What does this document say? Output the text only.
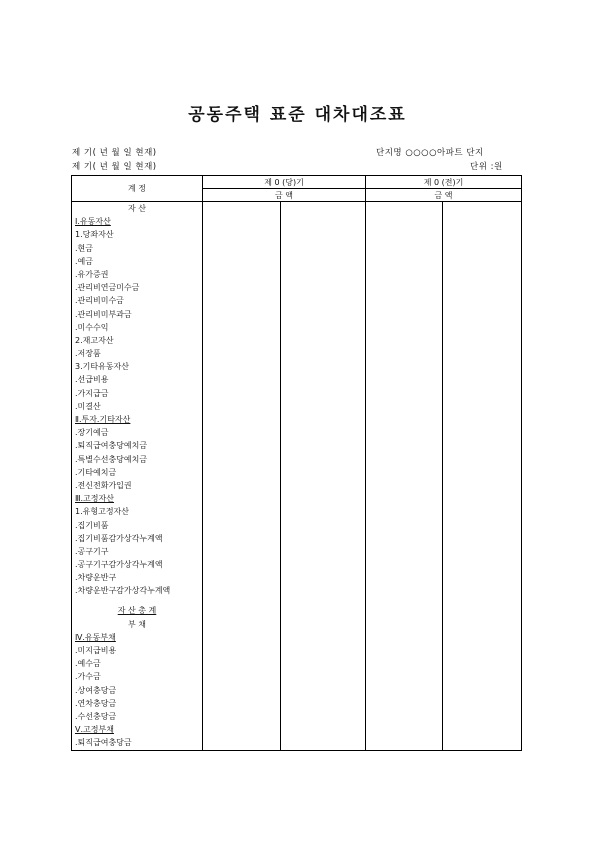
공동주택 표준 대차대조표
제 기( 년 월 일 현재)
제 기( 년 월 일 현재)
단지명 ○○○○아파트 단지
단위 :원
계 정	제 0 (당)기		제 0 (전)기	
	금 액		금 액	
자 산				
Ⅰ.유동자산				
1.당좌자산				
.현금				
.예금				
.유가증권				
.관리비연금미수금				
.관리비미수금				
.관리비미부과금				
.미수수익				
2.재고자산				
.저장품				
3.기타유동자산				
.선급비용				
.가지급금				
.미결산				
Ⅱ.투자.기타자산				
.장기예금				
.퇴직급여충당예치금				
.특별수선충당예치금				
.기타예치금				
.전신전화가입권				
Ⅲ.고정자산				
1.유형고정자산				
.집기비품				
.집기비품감가상각누계액				
.공구기구				
.공구기구감가상각누계액				
.차량운반구				
.차량운반구감가상각누계액				
자 산 총 계				
부 채				
Ⅳ.유동부채				
.미지급비용				
.예수금				
.가수금				
.상여충당금				
.연차충당금				
.수선충당금				
Ⅴ.고정부채				
.퇴직급여충당금				
